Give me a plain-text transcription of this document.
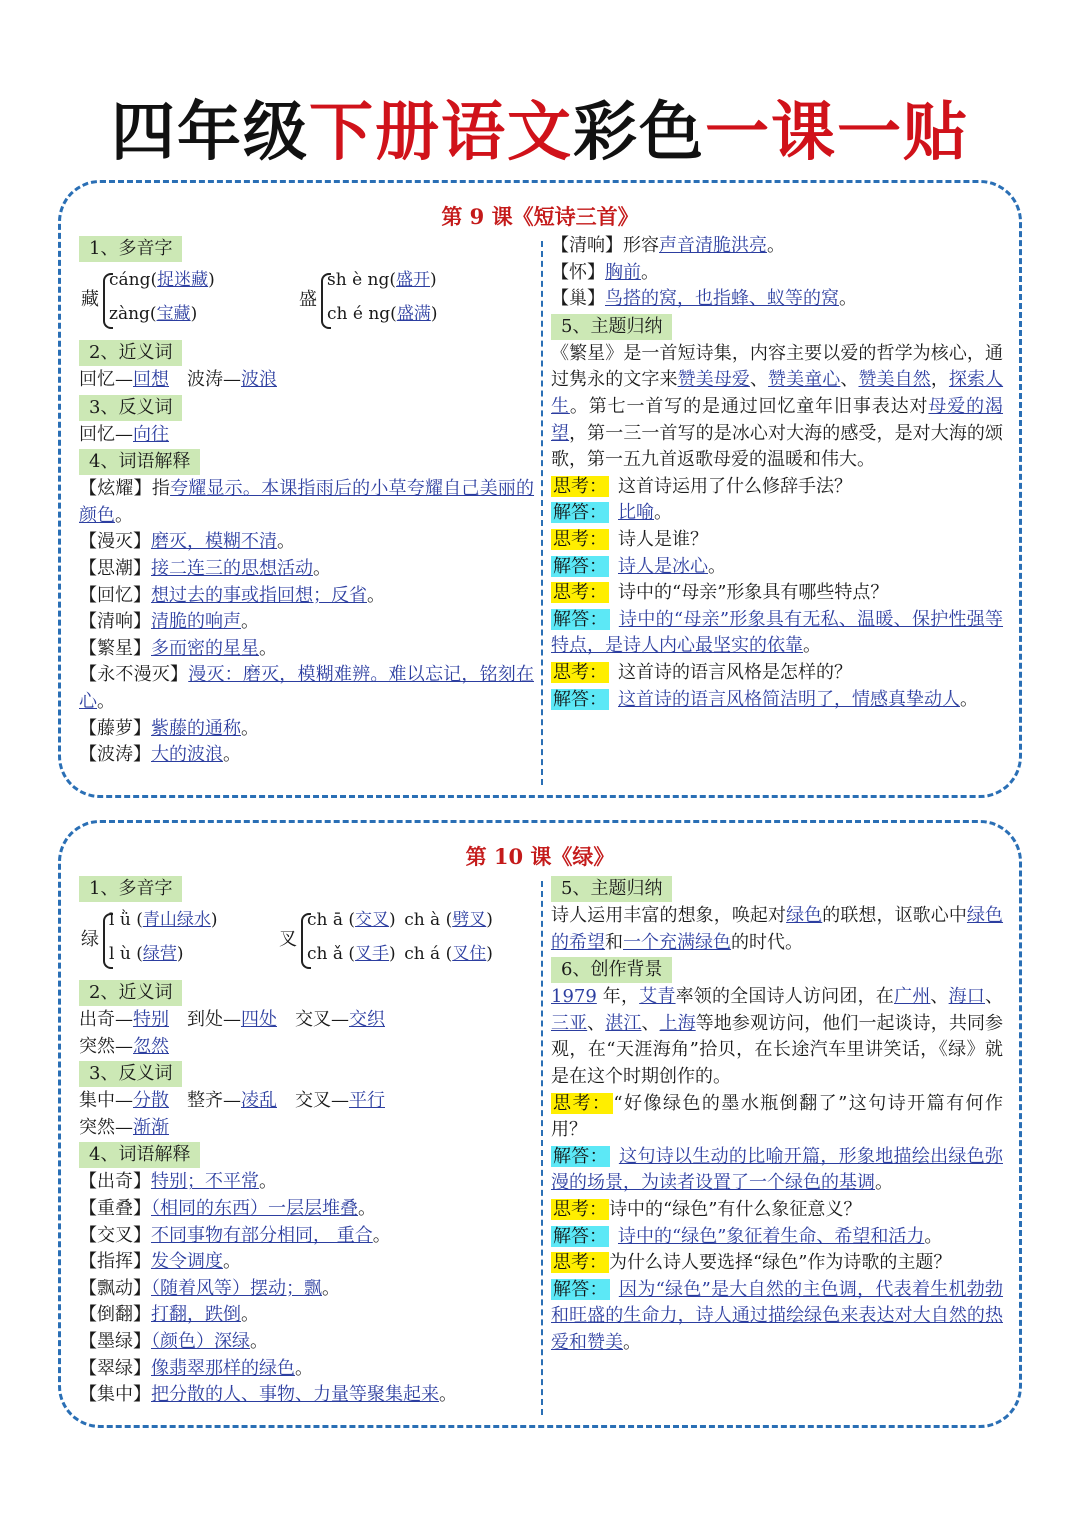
四年级下册语文彩色一课一贴
第 9 课《短诗三首》
1、多音字
藏
cáng(捉迷藏)
zàng(宝藏)
盛
sh è ng(盛开)
ch é ng(盛满)
2、近义词
回忆—回想  波涛—波浪
3、反义词
回忆—向往
4、词语解释
【炫耀】指夸耀显示。本课指雨后的小草夸耀自己美丽的颜色。
【漫灭】磨灭，模糊不清。
【思潮】接二连三的思想活动。
【回忆】想过去的事或指回想；反省。
【清响】清脆的响声。
【繁星】多而密的星星。
【永不漫灭】漫灭：磨灭，模糊难辨。难以忘记，铭刻在心。
【藤萝】紫藤的通称。
【波涛】大的波浪。
【清响】形容声音清脆洪亮。
【怀】胸前。
【巢】鸟搭的窝，也指蜂、蚁等的窝。
5、主题归纳
《繁星》是一首短诗集，内容主要以爱的哲学为核心，通过隽永的文字来赞美母爱、赞美童心、赞美自然，探索人生。第七一首写的是通过回忆童年旧事表达对母爱的渴望，第一三一首写的是冰心对大海的感受，是对大海的颂歌，第一五九首返歌母爱的温暖和伟大。
思考：  这首诗运用了什么修辞手法？
解答：  比喻。
思考：  诗人是谁？
解答：  诗人是冰心。
思考：  诗中的“母亲”形象具有哪些特点？
解答：  诗中的“母亲”形象具有无私、温暖、保护性强等特点，是诗人内心最坚实的依靠。
思考：  这首诗的语言风格是怎样的？
解答：  这首诗的语言风格简洁明了，情感真挚动人。
第 10 课《绿》
1、多音字
绿
l ǜ (青山绿水)
l ù (绿营)
叉
ch ā (交叉)  ch à (劈叉)
ch ǎ (叉手)  ch á (叉住)
2、近义词
出奇—特别  到处—四处  交叉—交织
突然—忽然
3、反义词
集中—分散  整齐—凌乱  交叉—平行
突然—渐渐
4、词语解释
【出奇】特别；不平常。
【重叠】（相同的东西）一层层堆叠。
【交叉】不同事物有部分相同， 重合。
【指挥】发令调度。
【飘动】（随着风等）摆动；飘。
【倒翻】打翻，跌倒。
【墨绿】（颜色）深绿。
【翠绿】像翡翠那样的绿色。
【集中】把分散的人、事物、力量等聚集起来。
5、主题归纳
诗人运用丰富的想象，唤起对绿色的联想，讴歌心中绿色的希望和一个充满绿色的时代。
6、创作背景
1979 年，艾青率领的全国诗人访问团，在广州、海口、三亚、湛江、上海等地参观访问，他们一起谈诗，共同参观，在“天涯海角”拾贝，在长途汽车里讲笑话，《绿》就是在这个时期创作的。
思考： “好像绿色的墨水瓶倒翻了”这句诗开篇有何作用？
解答：  这句诗以生动的比喻开篇，形象地描绘出绿色弥漫的场景，为读者设置了一个绿色的基调。
思考： 诗中的“绿色”有什么象征意义？
解答：  诗中的“绿色”象征着生命、希望和活力。
思考： 为什么诗人要选择“绿色”作为诗歌的主题？
解答：  因为“绿色”是大自然的主色调，代表着生机勃勃和旺盛的生命力，诗人通过描绘绿色来表达对大自然的热爱和赞美。
